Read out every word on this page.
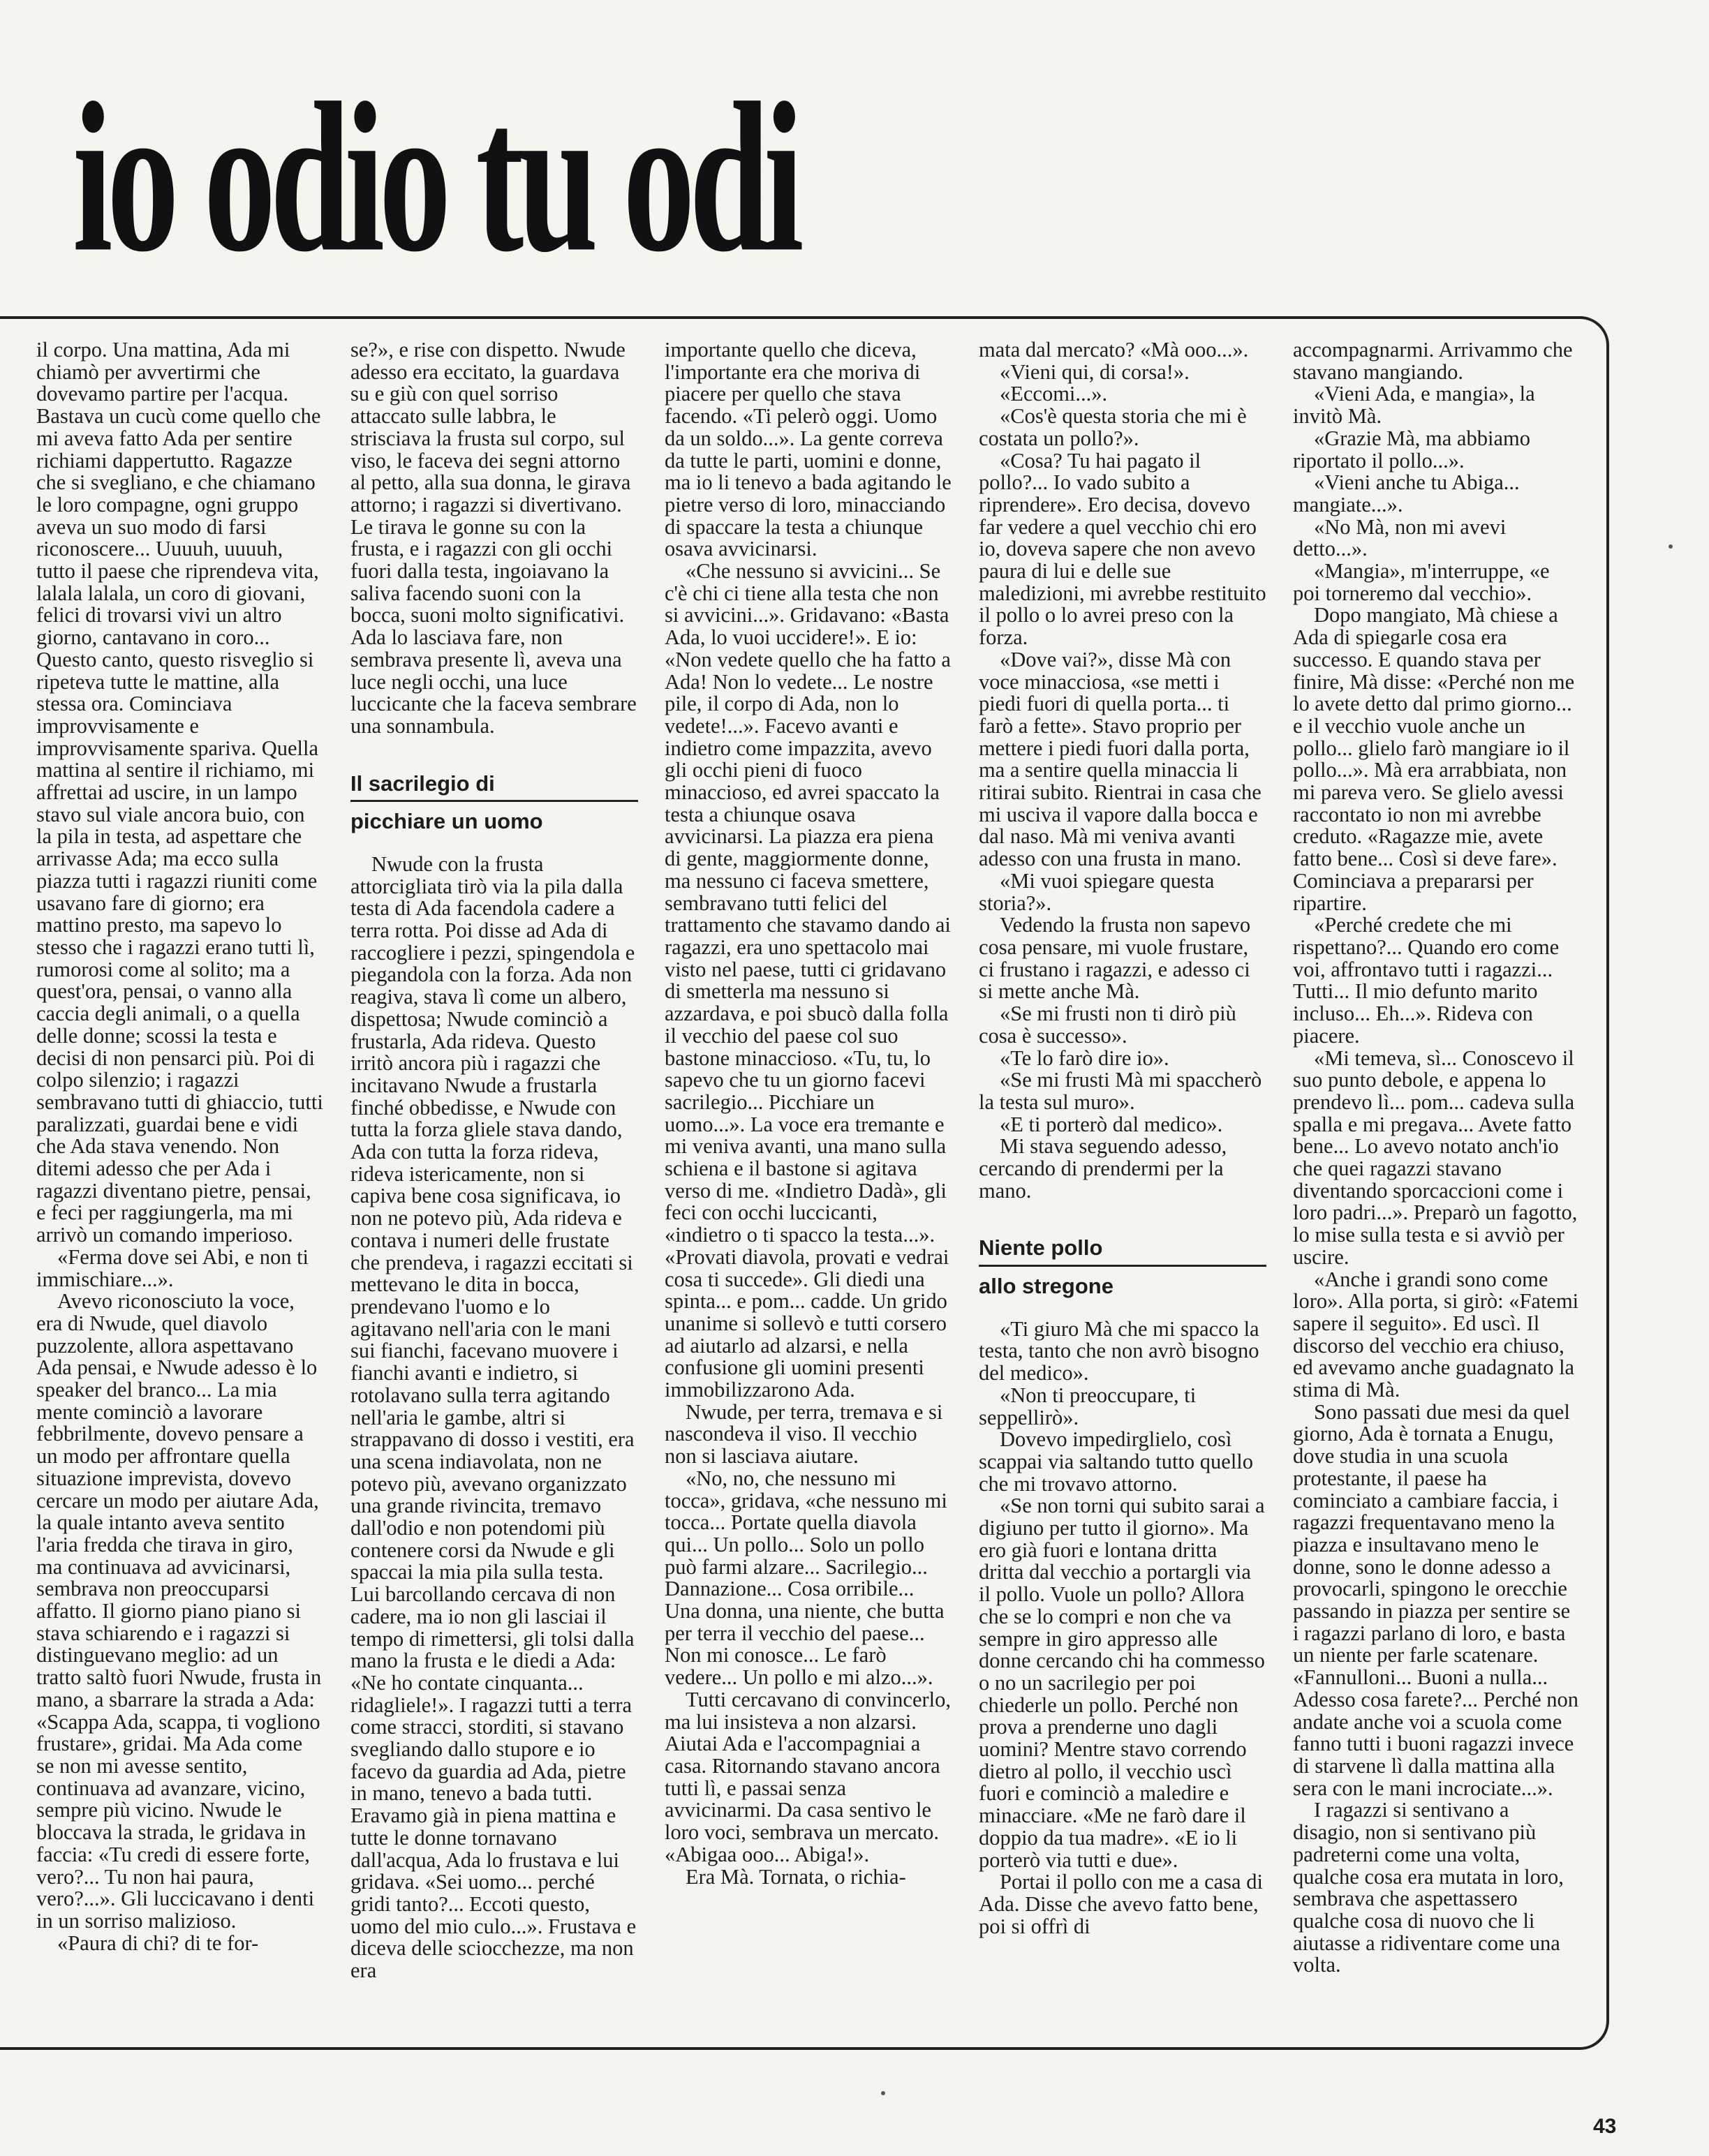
io odio tu odi

il corpo. Una mattina, Ada mi chiamò per avvertirmi che dovevamo partire per l'acqua. Bastava un cucù come quello che mi aveva fatto Ada per sentire richiami dappertutto. Ragazze che si svegliano, e che chiamano le loro compagne, ogni gruppo aveva un suo modo di farsi riconoscere... Uuuuh, uuuuh, tutto il paese che riprendeva vita, lalala lalala, un coro di giovani, felici di trovarsi vivi un altro giorno, cantavano in coro... Questo canto, questo risveglio si ripeteva tutte le mattine, alla stessa ora. Cominciava improvvisamente e improvvisamente spariva. Quella mattina al sentire il richiamo, mi affrettai ad uscire, in un lampo stavo sul viale ancora buio, con la pila in testa, ad aspettare che arrivasse Ada; ma ecco sulla piazza tutti i ragazzi riuniti come usavano fare di giorno; era mattino presto, ma sapevo lo stesso che i ragazzi erano tutti lì, rumorosi come al solito; ma a quest'ora, pensai, o vanno alla caccia degli animali, o a quella delle donne; scossi la testa e decisi di non pensarci più. Poi di colpo silenzio; i ragazzi sembravano tutti di ghiaccio, tutti paralizzati, guardai bene e vidi che Ada stava venendo. Non ditemi adesso che per Ada i ragazzi diventano pietre, pensai, e feci per raggiungerla, ma mi arrivò un comando imperioso.

«Ferma dove sei Abi, e non ti immischiare...».

Avevo riconosciuto la voce, era di Nwude, quel diavolo puzzolente, allora aspettavano Ada pensai, e Nwude adesso è lo speaker del branco... La mia mente cominciò a lavorare febbrilmente, dovevo pensare a un modo per affrontare quella situazione imprevista, dovevo cercare un modo per aiutare Ada, la quale intanto aveva sentito l'aria fredda che tirava in giro, ma continuava ad avvicinarsi, sembrava non preoccuparsi affatto. Il giorno piano piano si stava schiarendo e i ragazzi si distinguevano meglio: ad un tratto saltò fuori Nwude, frusta in mano, a sbarrare la strada a Ada: «Scappa Ada, scappa, ti vogliono frustare», gridai. Ma Ada come se non mi avesse sentito, continuava ad avanzare, vicino, sempre più vicino. Nwude le bloccava la strada, le gridava in faccia: «Tu credi di essere forte, vero?... Tu non hai paura, vero?...». Gli luccicavano i denti in un sorriso malizioso.

«Paura di chi? di te for-

se?», e rise con dispetto. Nwude adesso era eccitato, la guardava su e giù con quel sorriso attaccato sulle labbra, le strisciava la frusta sul corpo, sul viso, le faceva dei segni attorno al petto, alla sua donna, le girava attorno; i ragazzi si divertivano. Le tirava le gonne su con la frusta, e i ragazzi con gli occhi fuori dalla testa, ingoiavano la saliva facendo suoni con la bocca, suoni molto significativi. Ada lo lasciava fare, non sembrava presente lì, aveva una luce negli occhi, una luce luccicante che la faceva sembrare una sonnambula.

Il sacrilegio di
picchiare un uomo

Nwude con la frusta attorcigliata tirò via la pila dalla testa di Ada facendola cadere a terra rotta. Poi disse ad Ada di raccogliere i pezzi, spingendola e piegandola con la forza. Ada non reagiva, stava lì come un albero, dispettosa; Nwude cominciò a frustarla, Ada rideva. Questo irritò ancora più i ragazzi che incitavano Nwude a frustarla finché obbedisse, e Nwude con tutta la forza gliele stava dando, Ada con tutta la forza rideva, rideva istericamente, non si capiva bene cosa significava, io non ne potevo più, Ada rideva e contava i numeri delle frustate che prendeva, i ragazzi eccitati si mettevano le dita in bocca, prendevano l'uomo e lo agitavano nell'aria con le mani sui fianchi, facevano muovere i fianchi avanti e indietro, si rotolavano sulla terra agitando nell'aria le gambe, altri si strappavano di dosso i vestiti, era una scena indiavolata, non ne potevo più, avevano organizzato una grande rivincita, tremavo dall'odio e non potendomi più contenere corsi da Nwude e gli spaccai la mia pila sulla testa. Lui barcollando cercava di non cadere, ma io non gli lasciai il tempo di rimettersi, gli tolsi dalla mano la frusta e le diedi a Ada: «Ne ho contate cinquanta... ridagliele!». I ragazzi tutti a terra come stracci, storditi, si stavano svegliando dallo stupore e io facevo da guardia ad Ada, pietre in mano, tenevo a bada tutti. Eravamo già in piena mattina e tutte le donne tornavano dall'acqua, Ada lo frustava e lui gridava. «Sei uomo... perché gridi tanto?... Eccoti questo, uomo del mio culo...». Frustava e diceva delle sciocchezze, ma non era

importante quello che diceva, l'importante era che moriva di piacere per quello che stava facendo. «Ti pelerò oggi. Uomo da un soldo...». La gente correva da tutte le parti, uomini e donne, ma io li tenevo a bada agitando le pietre verso di loro, minacciando di spaccare la testa a chiunque osava avvicinarsi.

«Che nessuno si avvicini... Se c'è chi ci tiene alla testa che non si avvicini...». Gridavano: «Basta Ada, lo vuoi uccidere!». E io: «Non vedete quello che ha fatto a Ada! Non lo vedete... Le nostre pile, il corpo di Ada, non lo vedete!...». Facevo avanti e indietro come impazzita, avevo gli occhi pieni di fuoco minaccioso, ed avrei spaccato la testa a chiunque osava avvicinarsi. La piazza era piena di gente, maggiormente donne, ma nessuno ci faceva smettere, sembravano tutti felici del trattamento che stavamo dando ai ragazzi, era uno spettacolo mai visto nel paese, tutti ci gridavano di smetterla ma nessuno si azzardava, e poi sbucò dalla folla il vecchio del paese col suo bastone minaccioso. «Tu, tu, lo sapevo che tu un giorno facevi sacrilegio... Picchiare un uomo...». La voce era tremante e mi veniva avanti, una mano sulla schiena e il bastone si agitava verso di me. «Indietro Dadà», gli feci con occhi luccicanti, «indietro o ti spacco la testa...». «Provati diavola, provati e vedrai cosa ti succede». Gli diedi una spinta... e pom... cadde. Un grido unanime si sollevò e tutti corsero ad aiutarlo ad alzarsi, e nella confusione gli uomini presenti immobilizzarono Ada.

Nwude, per terra, tremava e si nascondeva il viso. Il vecchio non si lasciava aiutare.

«No, no, che nessuno mi tocca», gridava, «che nessuno mi tocca... Portate quella diavola qui... Un pollo... Solo un pollo può farmi alzare... Sacrilegio... Dannazione... Cosa orribile... Una donna, una niente, che butta per terra il vecchio del paese... Non mi conosce... Le farò vedere... Un pollo e mi alzo...».

Tutti cercavano di convincerlo, ma lui insisteva a non alzarsi. Aiutai Ada e l'accompagniai a casa. Ritornando stavano ancora tutti lì, e passai senza avvicinarmi. Da casa sentivo le loro voci, sembrava un mercato. «Abigaa ooo... Abiga!».

Era Mà. Tornata, o richia-

mata dal mercato? «Mà ooo...».

«Vieni qui, di corsa!».

«Eccomi...».

«Cos'è questa storia che mi è costata un pollo?».

«Cosa? Tu hai pagato il pollo?... Io vado subito a riprendere». Ero decisa, dovevo far vedere a quel vecchio chi ero io, doveva sapere che non avevo paura di lui e delle sue maledizioni, mi avrebbe restituito il pollo o lo avrei preso con la forza.

«Dove vai?», disse Mà con voce minacciosa, «se metti i piedi fuori di quella porta... ti farò a fette». Stavo proprio per mettere i piedi fuori dalla porta, ma a sentire quella minaccia li ritirai subito. Rientrai in casa che mi usciva il vapore dalla bocca e dal naso. Mà mi veniva avanti adesso con una frusta in mano.

«Mi vuoi spiegare questa storia?».

Vedendo la frusta non sapevo cosa pensare, mi vuole frustare, ci frustano i ragazzi, e adesso ci si mette anche Mà.

«Se mi frusti non ti dirò più cosa è successo».

«Te lo farò dire io».

«Se mi frusti Mà mi spaccherò la testa sul muro».

«E ti porterò dal medico».

Mi stava seguendo adesso, cercando di prendermi per la mano.

Niente pollo
allo stregone

«Ti giuro Mà che mi spacco la testa, tanto che non avrò bisogno del medico».

«Non ti preoccupare, ti seppellirò».

Dovevo impedirglielo, così scappai via saltando tutto quello che mi trovavo attorno.

«Se non torni qui subito sarai a digiuno per tutto il giorno». Ma ero già fuori e lontana dritta dritta dal vecchio a portargli via il pollo. Vuole un pollo? Allora che se lo compri e non che va sempre in giro appresso alle donne cercando chi ha commesso o no un sacrilegio per poi chiederle un pollo. Perché non prova a prenderne uno dagli uomini? Mentre stavo correndo dietro al pollo, il vecchio uscì fuori e cominciò a maledire e minacciare. «Me ne farò dare il doppio da tua madre». «E io li porterò via tutti e due».

Portai il pollo con me a casa di Ada. Disse che avevo fatto bene, poi si offrì di

accompagnarmi. Arrivammo che stavano mangiando.

«Vieni Ada, e mangia», la invitò Mà.

«Grazie Mà, ma abbiamo riportato il pollo...».

«Vieni anche tu Abiga... mangiate...».

«No Mà, non mi avevi detto...».

«Mangia», m'interruppe, «e poi torneremo dal vecchio».

Dopo mangiato, Mà chiese a Ada di spiegarle cosa era successo. E quando stava per finire, Mà disse: «Perché non me lo avete detto dal primo giorno... e il vecchio vuole anche un pollo... glielo farò mangiare io il pollo...». Mà era arrabbiata, non mi pareva vero. Se glielo avessi raccontato io non mi avrebbe creduto. «Ragazze mie, avete fatto bene... Così si deve fare». Cominciava a prepararsi per ripartire.

«Perché credete che mi rispettano?... Quando ero come voi, affrontavo tutti i ragazzi... Tutti... Il mio defunto marito incluso... Eh...». Rideva con piacere.

«Mi temeva, sì... Conoscevo il suo punto debole, e appena lo prendevo lì... pom... cadeva sulla spalla e mi pregava... Avete fatto bene... Lo avevo notato anch'io che quei ragazzi stavano diventando sporcaccioni come i loro padri...». Preparò un fagotto, lo mise sulla testa e si avviò per uscire.

«Anche i grandi sono come loro». Alla porta, si girò: «Fatemi sapere il seguito». Ed uscì. Il discorso del vecchio era chiuso, ed avevamo anche guadagnato la stima di Mà.

Sono passati due mesi da quel giorno, Ada è tornata a Enugu, dove studia in una scuola protestante, il paese ha cominciato a cambiare faccia, i ragazzi frequentavano meno la piazza e insultavano meno le donne, sono le donne adesso a provocarli, spingono le orecchie passando in piazza per sentire se i ragazzi parlano di loro, e basta un niente per farle scatenare. «Fannulloni... Buoni a nulla... Adesso cosa farete?... Perché non andate anche voi a scuola come fanno tutti i buoni ragazzi invece di starvene lì dalla mattina alla sera con le mani incrociate...».

I ragazzi si sentivano a disagio, non si sentivano più padreterni come una volta, qualche cosa era mutata in loro, sembrava che aspettassero qualche cosa di nuovo che li aiutasse a ridiventare come una volta.

43
